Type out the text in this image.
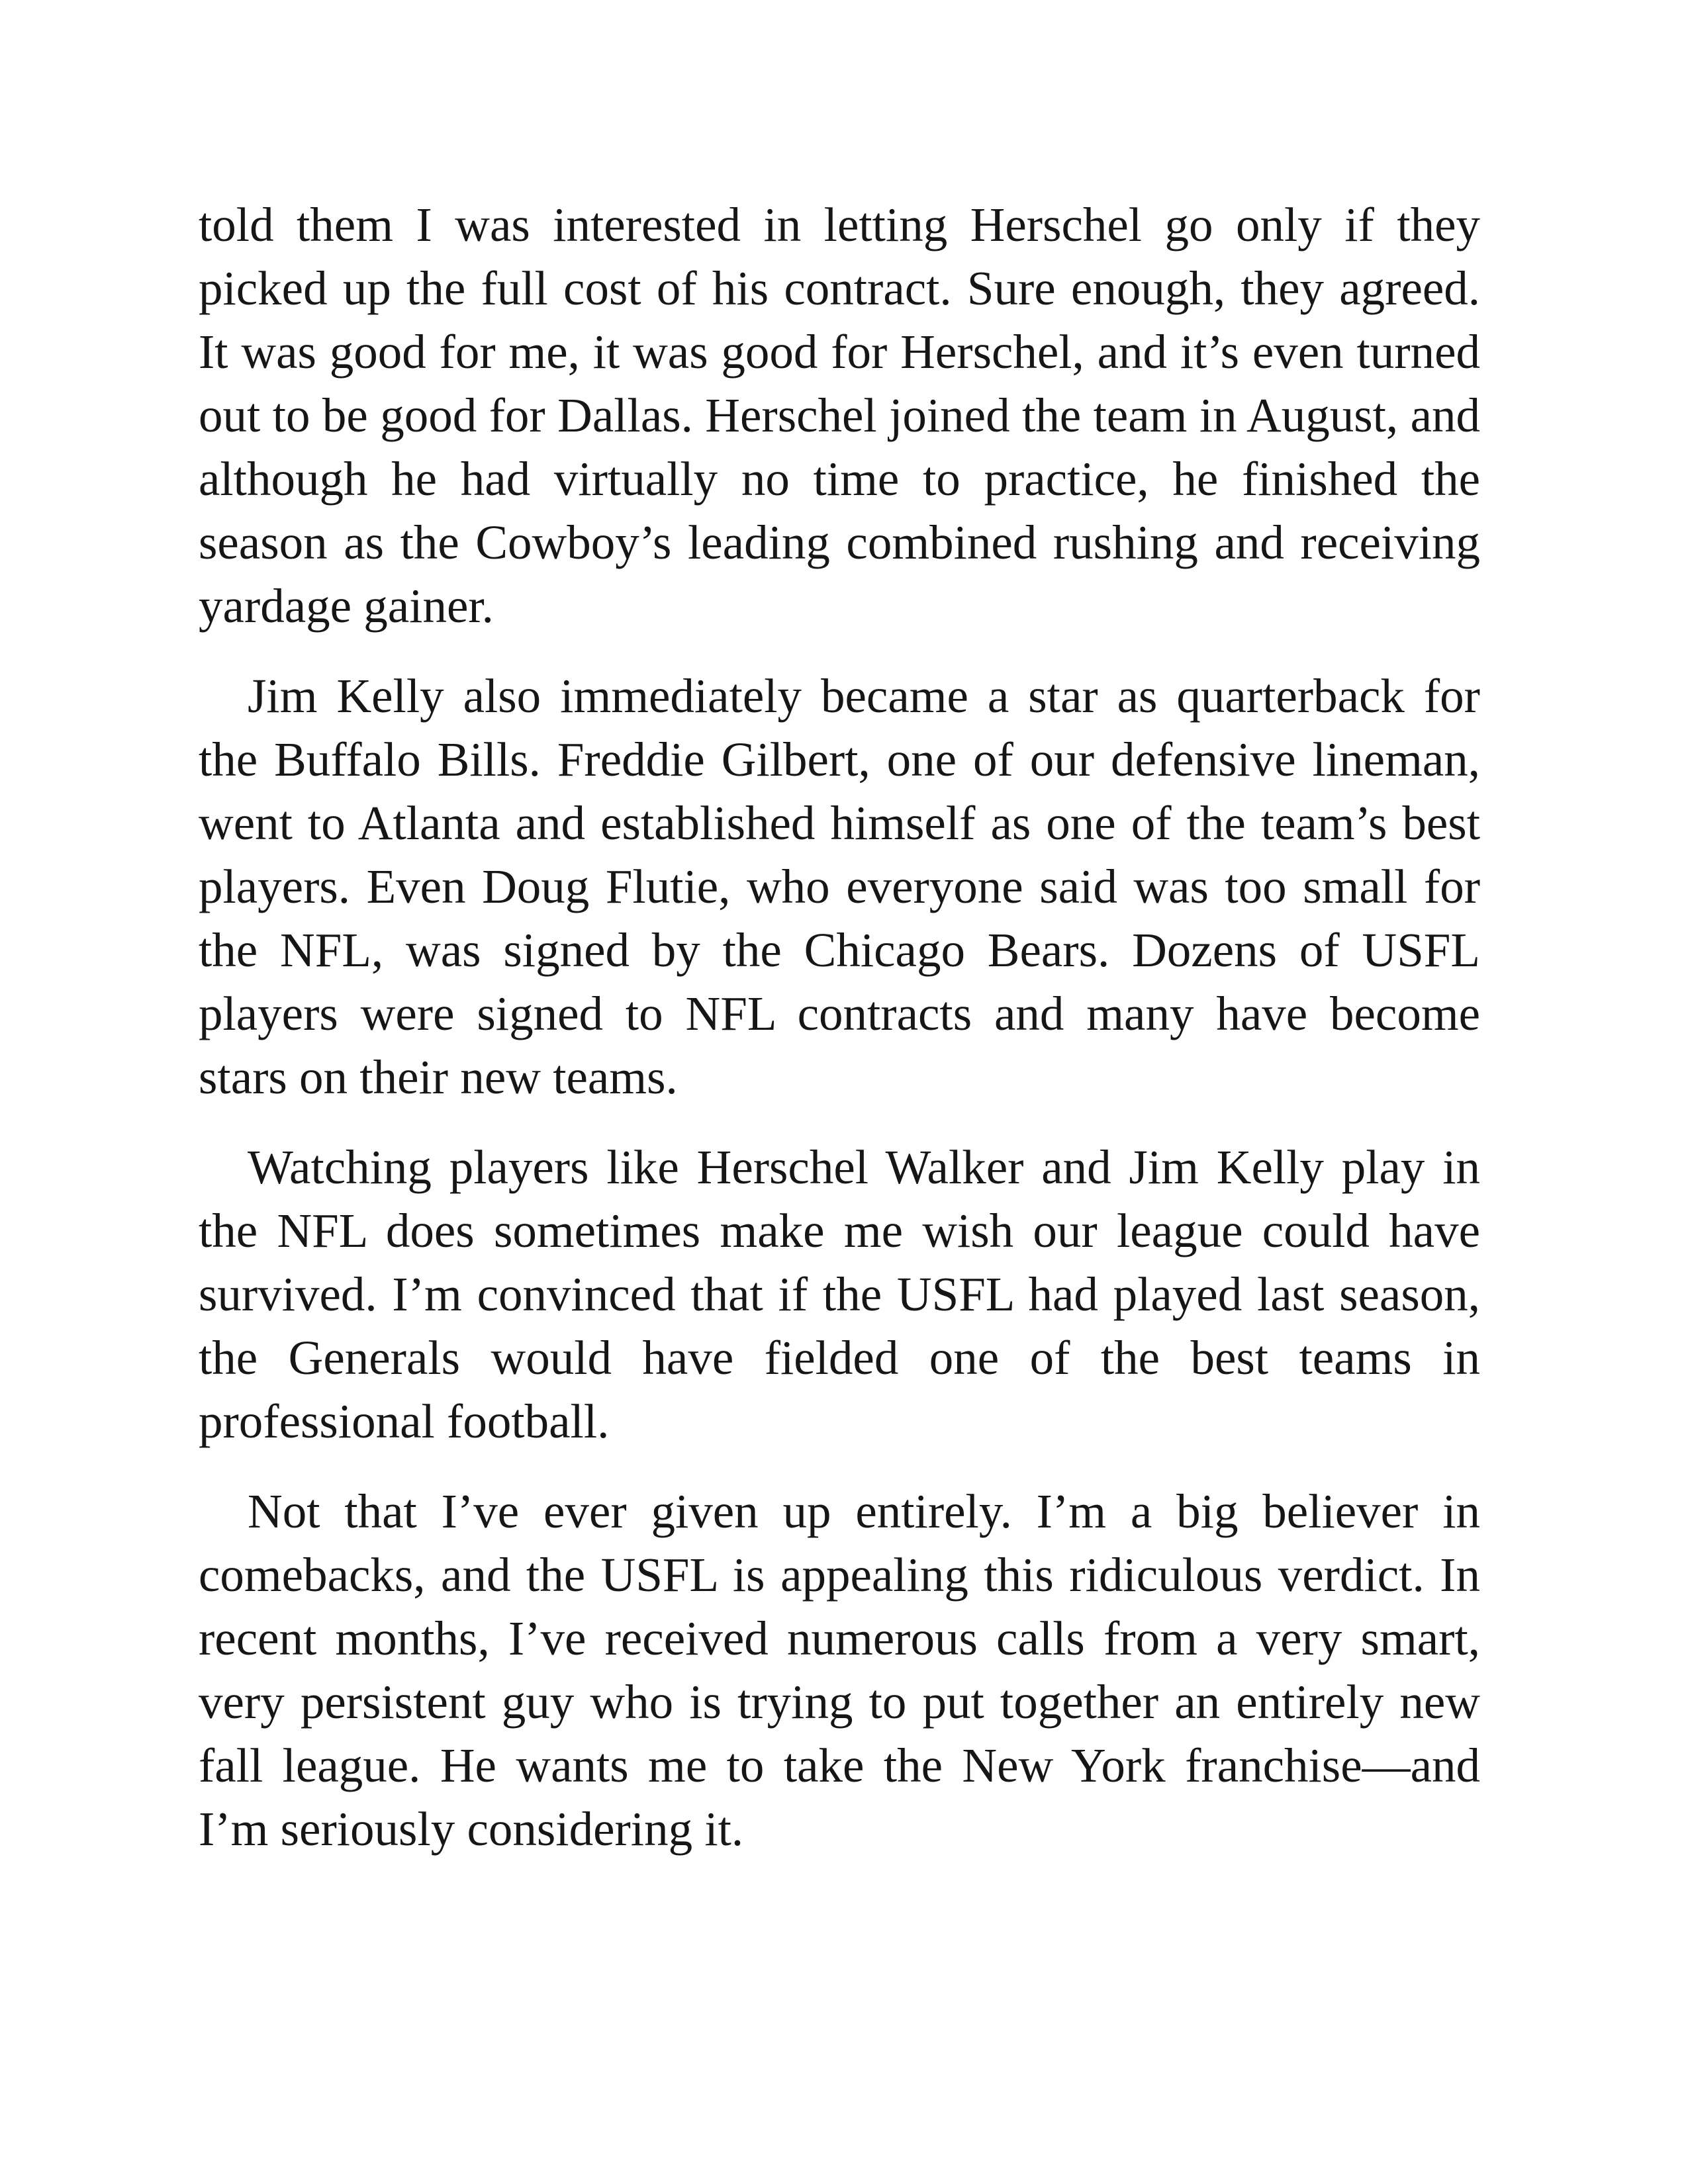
told them I was interested in letting Herschel go only if they picked up the full cost of his contract. Sure enough, they agreed. It was good for me, it was good for Herschel, and it’s even turned out to be good for Dallas. Herschel joined the team in August, and although he had virtually no time to practice, he finished the season as the Cowboy’s leading combined rushing and receiving yardage gainer.

Jim Kelly also immediately became a star as quarterback for the Buffalo Bills. Freddie Gilbert, one of our defensive lineman, went to Atlanta and established himself as one of the team’s best players. Even Doug Flutie, who everyone said was too small for the NFL, was signed by the Chicago Bears. Dozens of USFL players were signed to NFL contracts and many have become stars on their new teams.

Watching players like Herschel Walker and Jim Kelly play in the NFL does sometimes make me wish our league could have survived. I’m convinced that if the USFL had played last season, the Generals would have fielded one of the best teams in professional football.

Not that I’ve ever given up entirely. I’m a big believer in comebacks, and the USFL is appealing this ridiculous verdict. In recent months, I’ve received numerous calls from a very smart, very persistent guy who is trying to put together an entirely new fall league. He wants me to take the New York franchise—and I’m seriously considering it.
